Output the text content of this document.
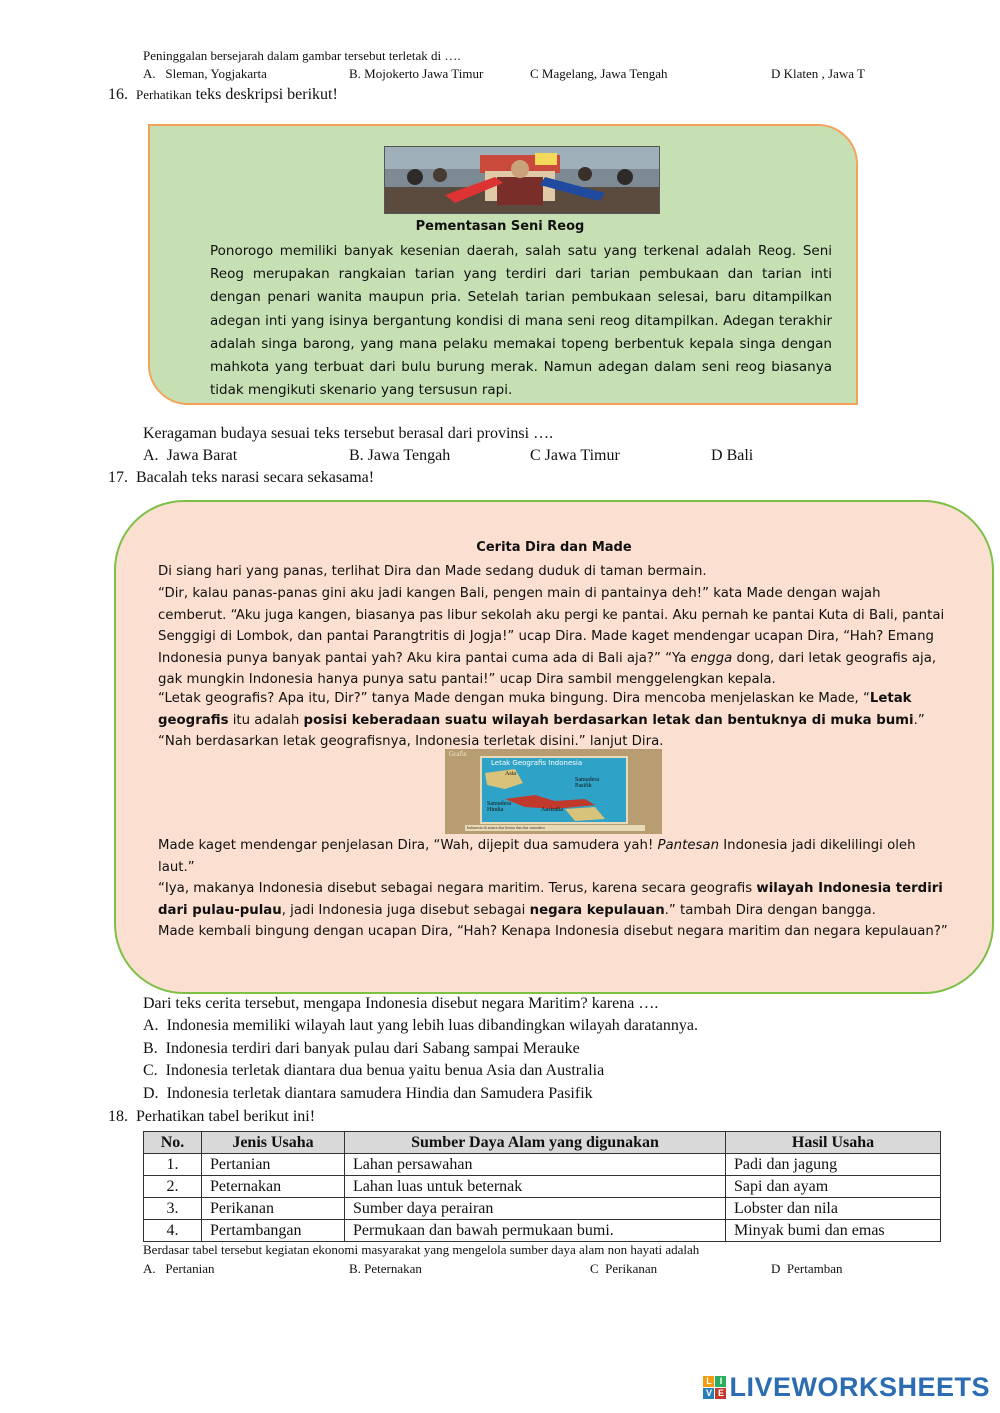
Peninggalan bersejarah dalam gambar tersebut terletak di ….
A. Sleman, Yogjakarta	B. Mojokerto Jawa Timur	C Magelang, Jawa Tengah	D Klaten , Jawa T
16. Perhatikan teks deskripsi berikut!
Pementasan Seni Reog

Ponorogo memiliki banyak kesenian daerah, salah satu yang terkenal adalah Reog. Seni Reog merupakan rangkaian tarian yang terdiri dari tarian pembukaan dan tarian inti dengan penari wanita maupun pria. Setelah tarian pembukaan selesai, baru ditampilkan adegan inti yang isinya bergantung kondisi di mana seni reog ditampilkan. Adegan terakhir adalah singa barong, yang mana pelaku memakai topeng berbentuk kepala singa dengan mahkota yang terbuat dari bulu burung merak. Namun adegan dalam seni reog biasanya tidak mengikuti skenario yang tersusun rapi.

Keragaman budaya sesuai teks tersebut berasal dari provinsi ….
A. Jawa Barat	B. Jawa Tengah	C Jawa Timur	D Bali
17. Bacalah teks narasi secara sekasama!
Cerita Dira dan Made

Di siang hari yang panas, terlihat Dira dan Made sedang duduk di taman bermain.

“Dir, kalau panas-panas gini aku jadi kangen Bali, pengen main di pantainya deh!” kata Made dengan wajah cemberut. “Aku juga kangen, biasanya pas libur sekolah aku pergi ke pantai. Aku pernah ke pantai Kuta di Bali, pantai Senggigi di Lombok, dan pantai Parangtritis di Jogja!” ucap Dira. Made kaget mendengar ucapan Dira, “Hah? Emang Indonesia punya banyak pantai yah? Aku kira pantai cuma ada di Bali aja?” “Ya engga dong, dari letak geografis aja, gak mungkin Indonesia hanya punya satu pantai!” ucap Dira sambil menggelengkan kepala.

“Letak geografis? Apa itu, Dir?” tanya Made dengan muka bingung. Dira mencoba menjelaskan ke Made, “Letak geografis itu adalah posisi keberadaan suatu wilayah berdasarkan letak dan bentuknya di muka bumi.” “Nah berdasarkan letak geografisnya, Indonesia terletak disini.” lanjut Dira.

Grafis
Letak Geografis Indonesia
Asia
Samudera Pasifik
Samudera Hindia	Australia
Indonesia di antara dua benua dan dua samudera

Made kaget mendengar penjelasan Dira, “Wah, dijepit dua samudera yah! Pantesan Indonesia jadi dikelilingi oleh laut.”

“Iya, makanya Indonesia disebut sebagai negara maritim. Terus, karena secara geografis wilayah Indonesia terdiri dari pulau-pulau, jadi Indonesia juga disebut sebagai negara kepulauan.” tambah Dira dengan bangga.

Made kembali bingung dengan ucapan Dira, “Hah? Kenapa Indonesia disebut negara maritim dan negara kepulauan?”

Dari teks cerita tersebut, mengapa Indonesia disebut negara Maritim? karena ….
A. Indonesia memiliki wilayah laut yang lebih luas dibandingkan wilayah daratannya.
B. Indonesia terdiri dari banyak pulau dari Sabang sampai Merauke
C. Indonesia terletak diantara dua benua yaitu benua Asia dan Australia
D. Indonesia terletak diantara samudera Hindia dan Samudera Pasifik
18. Perhatikan tabel berikut ini!
No.	Jenis Usaha	Sumber Daya Alam yang digunakan	Hasil Usaha
1.	Pertanian	Lahan persawahan	Padi dan jagung
2.	Peternakan	Lahan luas untuk beternak	Sapi dan ayam
3.	Perikanan	Sumber daya perairan	Lobster dan nila
4.	Pertambangan	Permukaan dan bawah permukaan bumi.	Minyak bumi dan emas
Berdasar tabel tersebut kegiatan ekonomi masyarakat yang mengelola sumber daya alam non hayati adalah
A. Pertanian	B. Peternakan	C Perikanan	D Pertamban
L I
V E LIVEWORKSHEETS
